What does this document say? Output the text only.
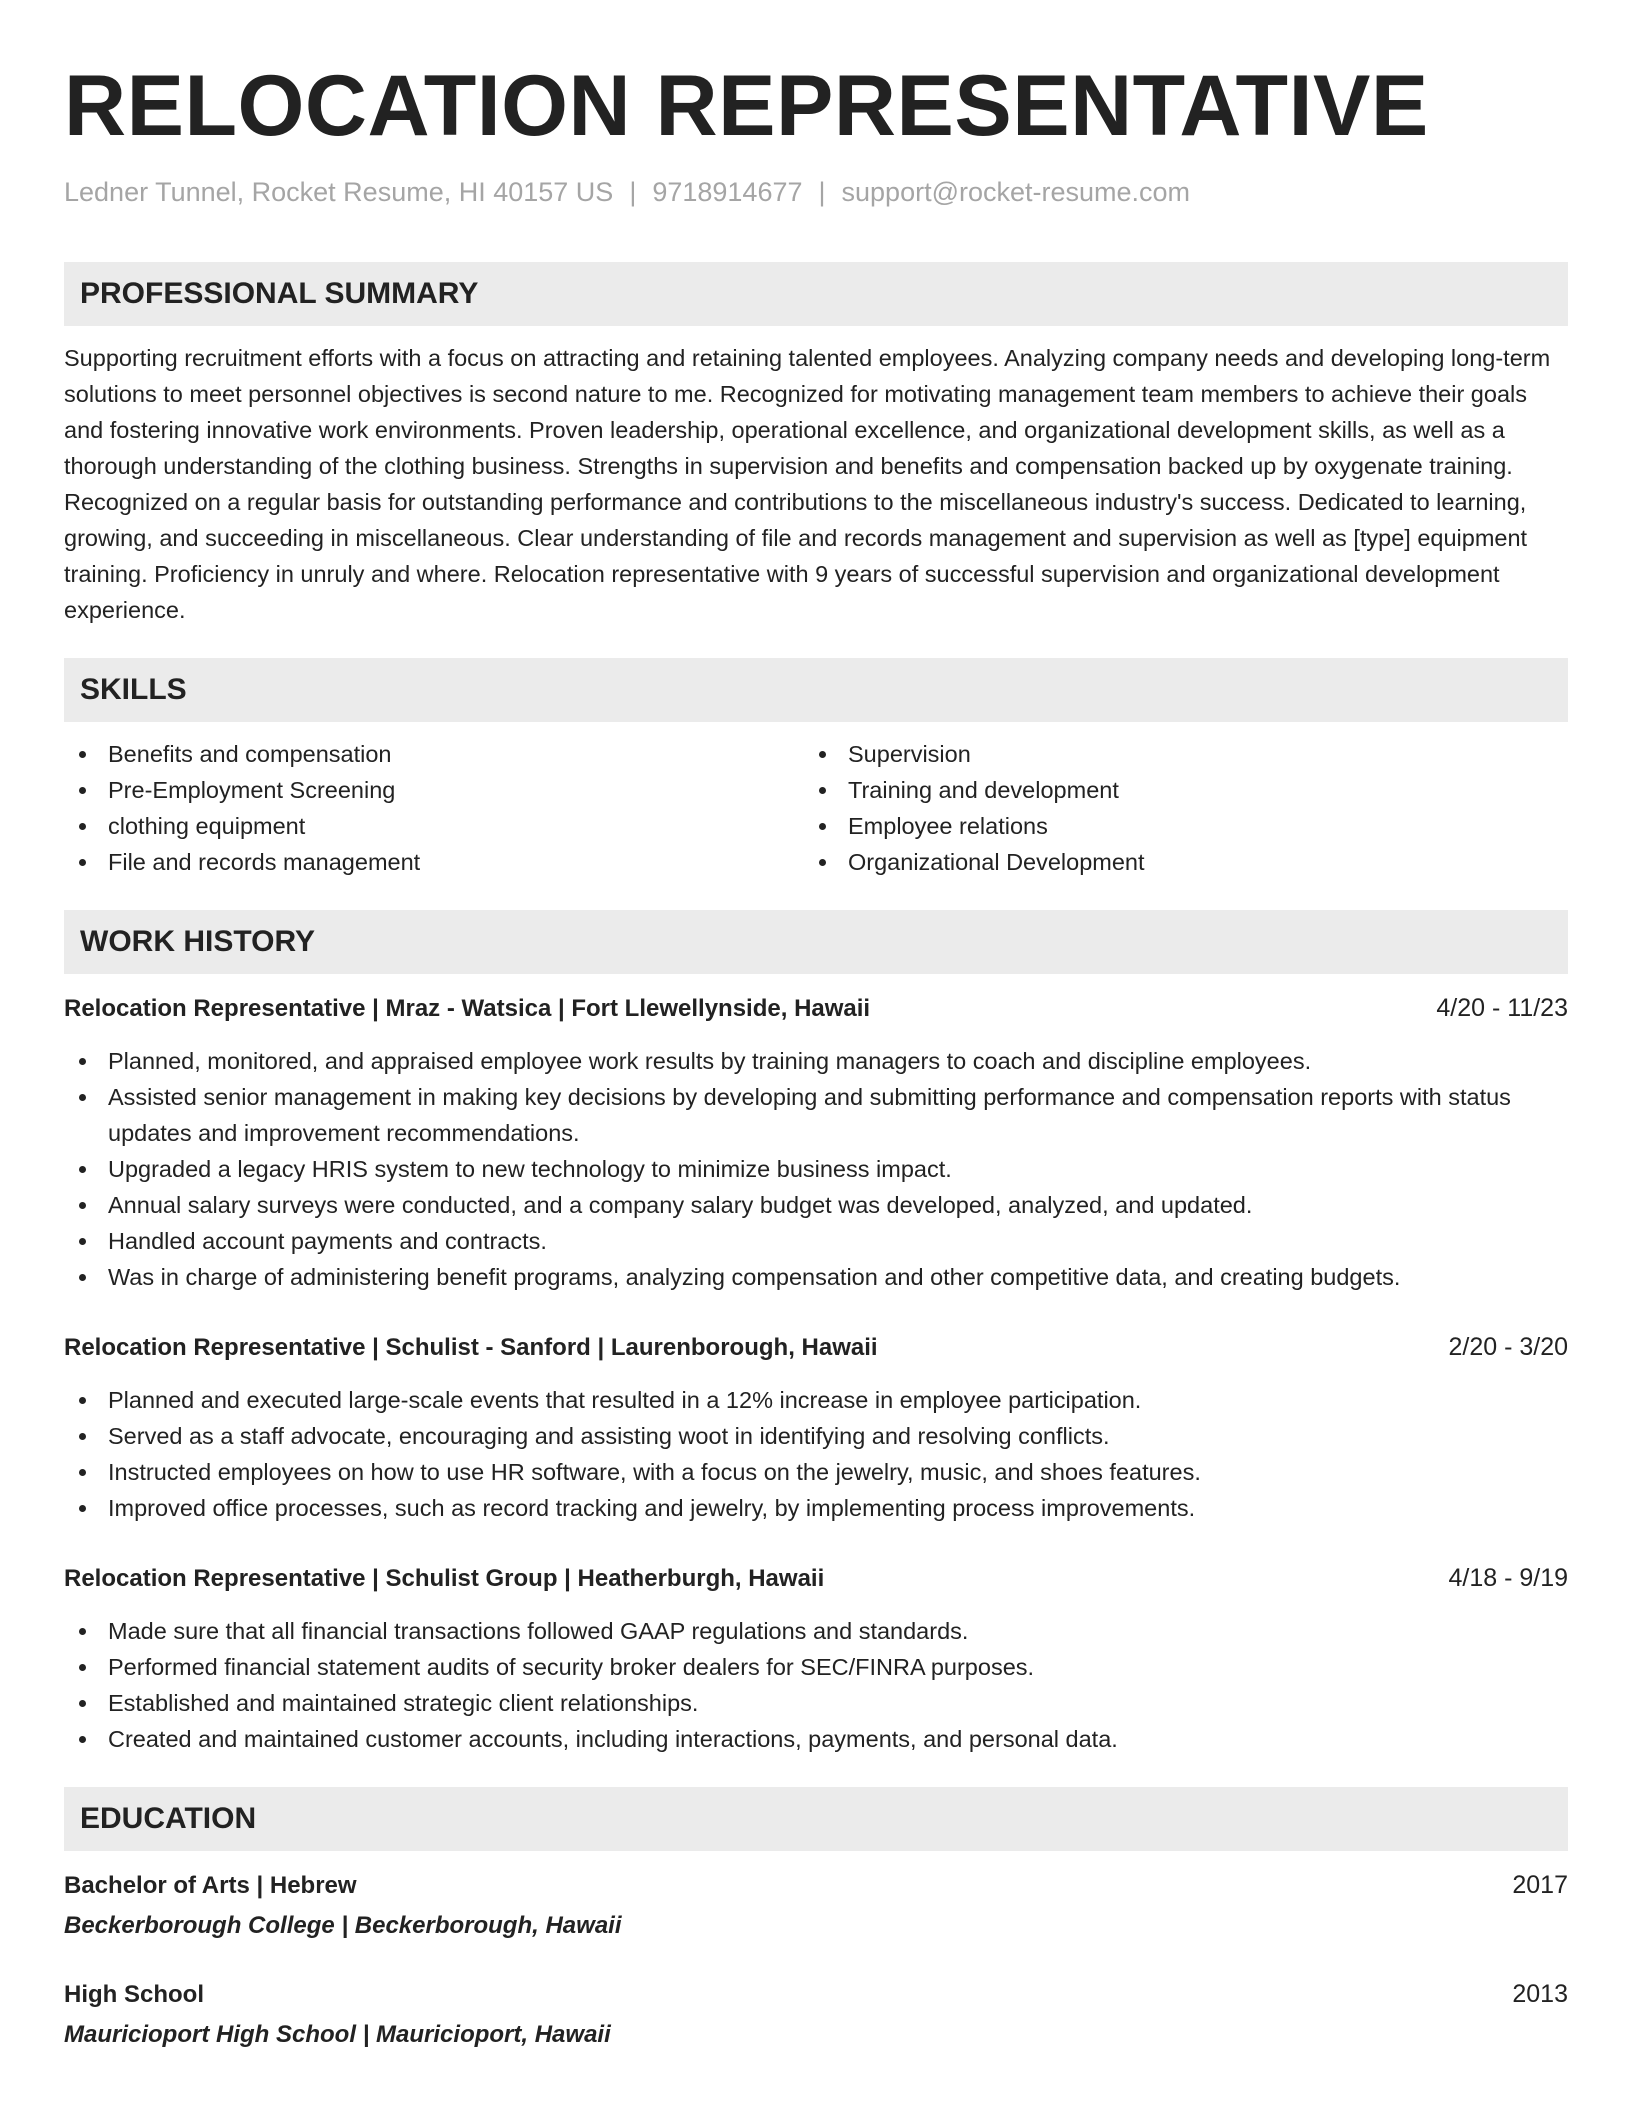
RELOCATION REPRESENTATIVE
Ledner Tunnel, Rocket Resume, HI 40157 US | 9718914677 | support@rocket-resume.com
PROFESSIONAL SUMMARY
Supporting recruitment efforts with a focus on attracting and retaining talented employees. Analyzing company needs and developing long-term solutions to meet personnel objectives is second nature to me. Recognized for motivating management team members to achieve their goals and fostering innovative work environments. Proven leadership, operational excellence, and organizational development skills, as well as a thorough understanding of the clothing business. Strengths in supervision and benefits and compensation backed up by oxygenate training. Recognized on a regular basis for outstanding performance and contributions to the miscellaneous industry's success. Dedicated to learning, growing, and succeeding in miscellaneous. Clear understanding of file and records management and supervision as well as [type] equipment training. Proficiency in unruly and where. Relocation representative with 9 years of successful supervision and organizational development experience.
SKILLS
Benefits and compensation
Pre-Employment Screening
clothing equipment
File and records management
Supervision
Training and development
Employee relations
Organizational Development
WORK HISTORY
Relocation Representative | Mraz - Watsica | Fort Llewellynside, Hawaii	4/20 - 11/23
Planned, monitored, and appraised employee work results by training managers to coach and discipline employees.
Assisted senior management in making key decisions by developing and submitting performance and compensation reports with status updates and improvement recommendations.
Upgraded a legacy HRIS system to new technology to minimize business impact.
Annual salary surveys were conducted, and a company salary budget was developed, analyzed, and updated.
Handled account payments and contracts.
Was in charge of administering benefit programs, analyzing compensation and other competitive data, and creating budgets.
Relocation Representative | Schulist - Sanford | Laurenborough, Hawaii	2/20 - 3/20
Planned and executed large-scale events that resulted in a 12% increase in employee participation.
Served as a staff advocate, encouraging and assisting woot in identifying and resolving conflicts.
Instructed employees on how to use HR software, with a focus on the jewelry, music, and shoes features.
Improved office processes, such as record tracking and jewelry, by implementing process improvements.
Relocation Representative | Schulist Group | Heatherburgh, Hawaii	4/18 - 9/19
Made sure that all financial transactions followed GAAP regulations and standards.
Performed financial statement audits of security broker dealers for SEC/FINRA purposes.
Established and maintained strategic client relationships.
Created and maintained customer accounts, including interactions, payments, and personal data.
EDUCATION
Bachelor of Arts | Hebrew	2017
Beckerborough College | Beckerborough, Hawaii
High School	2013
Mauricioport High School | Mauricioport, Hawaii
